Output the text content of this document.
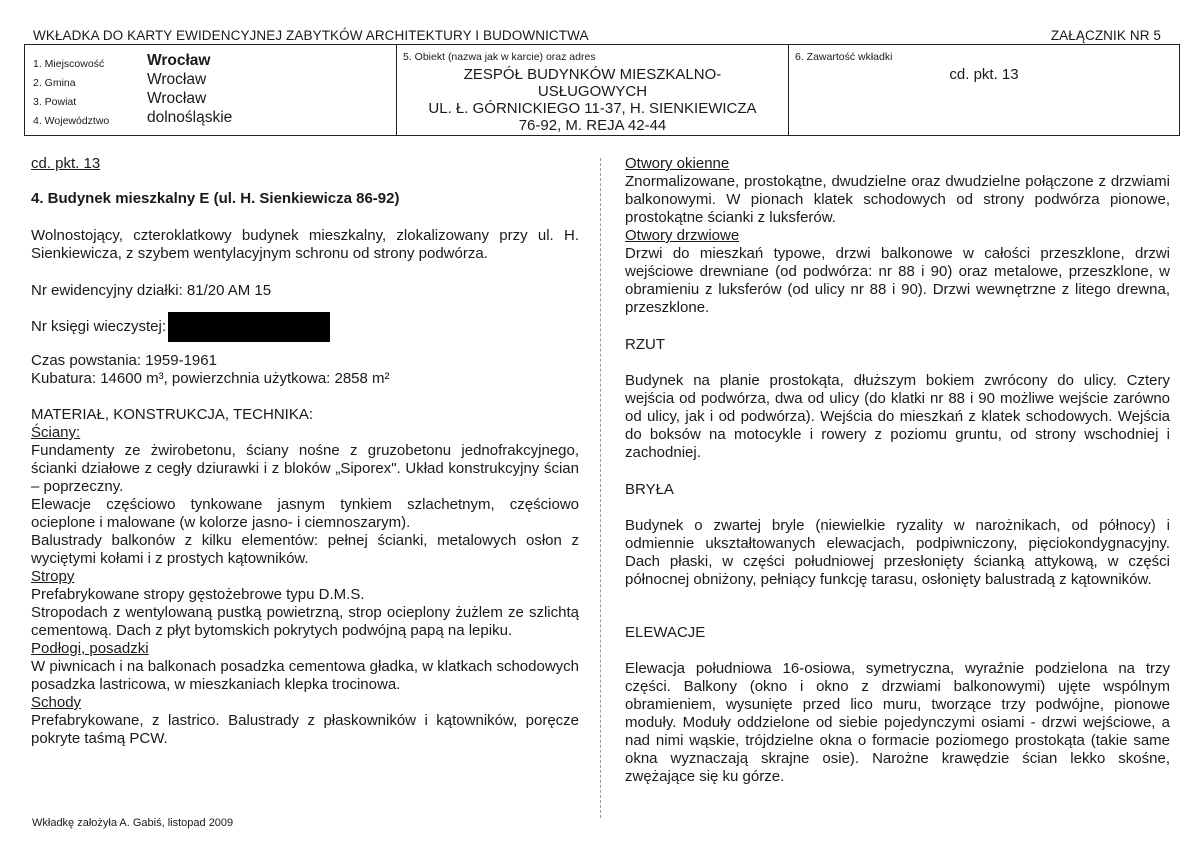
WKŁADKA DO KARTY EWIDENCYJNEJ ZABYTKÓW ARCHITEKTURY I BUDOWNICTWA	ZAŁĄCZNIK NR 5
1. Miejscowość	Wrocław
2. Gmina	Wrocław
3. Powiat	Wrocław
4. Województwo	dolnośląskie
5. Obiekt (nazwa jak w karcie) oraz adres
ZESPÓŁ BUDYNKÓW MIESZKALNO-
USŁUGOWYCH
UL. Ł. GÓRNICKIEGO 11-37, H. SIENKIEWICZA
76-92, M. REJA 42-44
6. Zawartość wkładki
cd. pkt. 13
cd. pkt. 13
4. Budynek mieszkalny E (ul. H. Sienkiewicza 86-92)

Wolnostojący, czteroklatkowy budynek mieszkalny, zlokalizowany przy ul. H. Sienkiewicza, z szybem wentylacyjnym schronu od strony podwórza.

Nr ewidencyjny działki: 81/20 AM 15
Nr księgi wieczystej:
Czas powstania: 1959-1961
Kubatura: 14600 m³, powierzchnia użytkowa: 2858 m²
MATERIAŁ, KONSTRUKCJA, TECHNIKA:
Ściany:

Fundamenty ze żwirobetonu, ściany nośne z gruzobetonu jednofrakcyjnego, ścianki działowe z cegły dziurawki i z bloków „Siporex". Układ konstrukcyjny ścian – poprzeczny.

Elewacje częściowo tynkowane jasnym tynkiem szlachetnym, częściowo ocieplone i malowane (w kolorze jasno- i ciemnoszarym).

Balustrady balkonów z kilku elementów: pełnej ścianki, metalowych osłon z wyciętymi kołami i z prostych kątowników.

Stropy

Prefabrykowane stropy gęstożebrowe typu D.M.S.

Stropodach z wentylowaną pustką powietrzną, strop ocieplony żużlem ze szlichtą cementową. Dach z płyt bytomskich pokrytych podwójną papą na lepiku.

Podłogi, posadzki

W piwnicach i na balkonach posadzka cementowa gładka, w klatkach schodowych posadzka lastricowa, w mieszkaniach klepka trocinowa.

Schody

Prefabrykowane, z lastrico. Balustrady z płaskowników i kątowników, poręcze pokryte taśmą PCW.

Otwory okienne

Znormalizowane, prostokątne, dwudzielne oraz dwudzielne połączone z drzwiami balkonowymi. W pionach klatek schodowych od strony podwórza pionowe, prostokątne ścianki z luksferów.

Otwory drzwiowe

Drzwi do mieszkań typowe, drzwi balkonowe w całości przeszklone, drzwi wejściowe drewniane (od podwórza: nr 88 i 90) oraz metalowe, przeszklone, w obramieniu z luksferów (od ulicy nr 88 i 90). Drzwi wewnętrzne z litego drewna, przeszklone.

RZUT

Budynek na planie prostokąta, dłuższym bokiem zwrócony do ulicy. Cztery wejścia od podwórza, dwa od ulicy (do klatki nr 88 i 90 możliwe wejście zarówno od ulicy, jak i od podwórza). Wejścia do mieszkań z klatek schodowych. Wejścia do boksów na motocykle i rowery z poziomu gruntu, od strony wschodniej i zachodniej.

BRYŁA

Budynek o zwartej bryle (niewielkie ryzality w narożnikach, od północy) i odmiennie ukształtowanych elewacjach, podpiwniczony, pięciokondygnacyjny. Dach płaski, w części południowej przesłonięty ścianką attykową, w części północnej obniżony, pełniący funkcję tarasu, osłonięty balustradą z kątowników.

ELEWACJE

Elewacja południowa 16-osiowa, symetryczna, wyraźnie podzielona na trzy części. Balkony (okno i okno z drzwiami balkonowymi) ujęte wspólnym obramieniem, wysunięte przed lico muru, tworzące trzy podwójne, pionowe moduły. Moduły oddzielone od siebie pojedynczymi osiami - drzwi wejściowe, a nad nimi wąskie, trójdzielne okna o formacie poziomego prostokąta (takie same okna wyznaczają skrajne osie). Narożne krawędzie ścian lekko skośne, zwężające się ku górze.

Wkładkę założyła A. Gabiś, listopad 2009
